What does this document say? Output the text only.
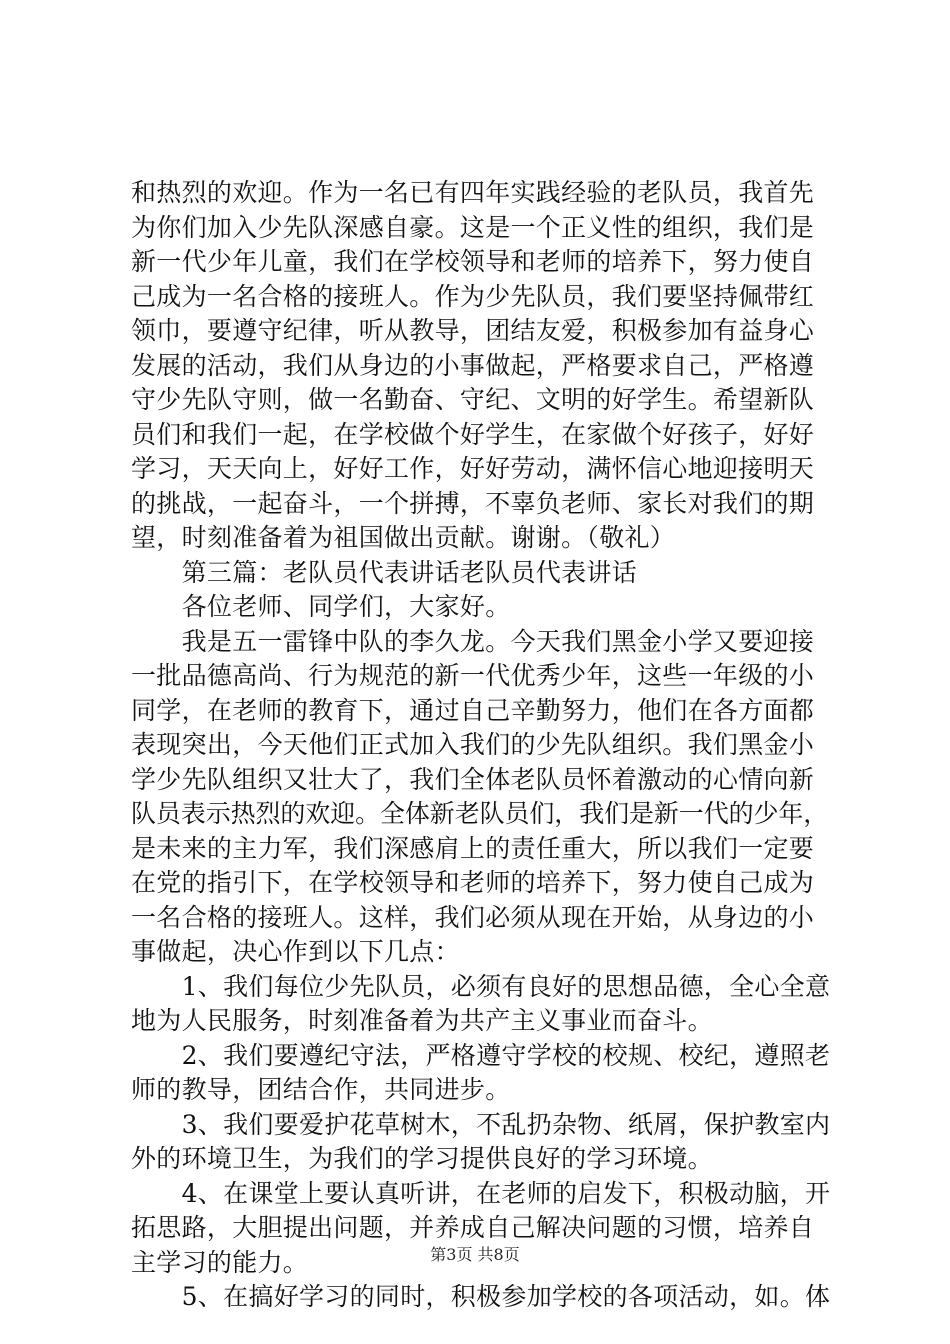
和热烈的欢迎。作为一名已有四年实践经验的老队员，我首先
为你们加入少先队深感自豪。这是一个正义性的组织，我们是
新一代少年儿童，我们在学校领导和老师的培养下，努力使自
己成为一名合格的接班人。作为少先队员，我们要坚持佩带红
领巾，要遵守纪律，听从教导，团结友爱，积极参加有益身心
发展的活动，我们从身边的小事做起，严格要求自己，严格遵
守少先队守则，做一名勤奋、守纪、文明的好学生。希望新队
员们和我们一起，在学校做个好学生，在家做个好孩子，好好
学习，天天向上，好好工作，好好劳动，满怀信心地迎接明天
的挑战，一起奋斗，一个拼搏，不辜负老师、家长对我们的期
望，时刻准备着为祖国做出贡献。谢谢。（敬礼）
　　第三篇：老队员代表讲话老队员代表讲话
　　各位老师、同学们，大家好。
　　我是五一雷锋中队的李久龙。今天我们黑金小学又要迎接
一批品德高尚、行为规范的新一代优秀少年，这些一年级的小
同学，在老师的教育下，通过自己辛勤努力，他们在各方面都
表现突出，今天他们正式加入我们的少先队组织。我们黑金小
学少先队组织又壮大了，我们全体老队员怀着激动的心情向新
队员表示热烈的欢迎。全体新老队员们，我们是新一代的少年，
是未来的主力军，我们深感肩上的责任重大，所以我们一定要
在党的指引下，在学校领导和老师的培养下，努力使自己成为
一名合格的接班人。这样，我们必须从现在开始，从身边的小
事做起，决心作到以下几点：
　　1、我们每位少先队员，必须有良好的思想品德，全心全意
地为人民服务，时刻准备着为共产主义事业而奋斗。
　　2、我们要遵纪守法，严格遵守学校的校规、校纪，遵照老
师的教导，团结合作，共同进步。
　　3、我们要爱护花草树木，不乱扔杂物、纸屑，保护教室内
外的环境卫生，为我们的学习提供良好的学习环境。
　　4、在课堂上要认真听讲，在老师的启发下，积极动脑，开
拓思路，大胆提出问题，并养成自己解决问题的习惯，培养自
主学习的能力。
　　5、在搞好学习的同时，积极参加学校的各项活动，如。体
第3页 共8页
